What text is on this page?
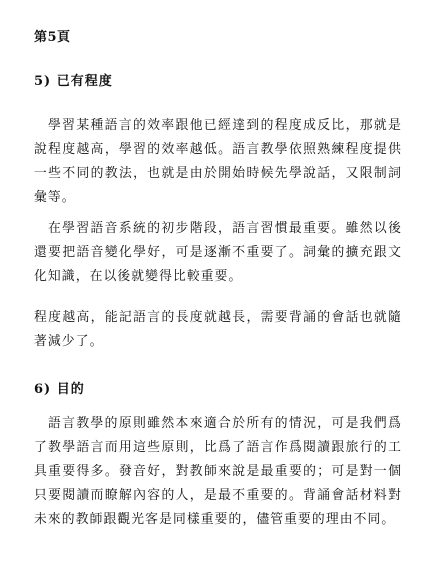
第5頁
5) 已有程度

學習某種語言的效率跟他已經達到的程度成反比，那就是說程度越高，學習的效率越低。語言教學依照熟練程度提供一些不同的教法，也就是由於開始時候先學說話，又限制詞彙等。

在學習語音系統的初步階段，語言習慣最重要。雖然以後還要把語音變化學好，可是逐漸不重要了。詞彙的擴充跟文化知識，在以後就變得比較重要。

程度越高，能記語言的長度就越長，需要背誦的會話也就隨著減少了。

6) 目的

語言教學的原則雖然本來適合於所有的情況，可是我們爲了教學語言而用這些原則，比爲了語言作爲閱讀跟旅行的工具重要得多。發音好，對教師來說是最重要的；可是對一個只要閱讀而瞭解內容的人，是最不重要的。背誦會話材料對未來的教師跟觀光客是同樣重要的，儘管重要的理由不同。
